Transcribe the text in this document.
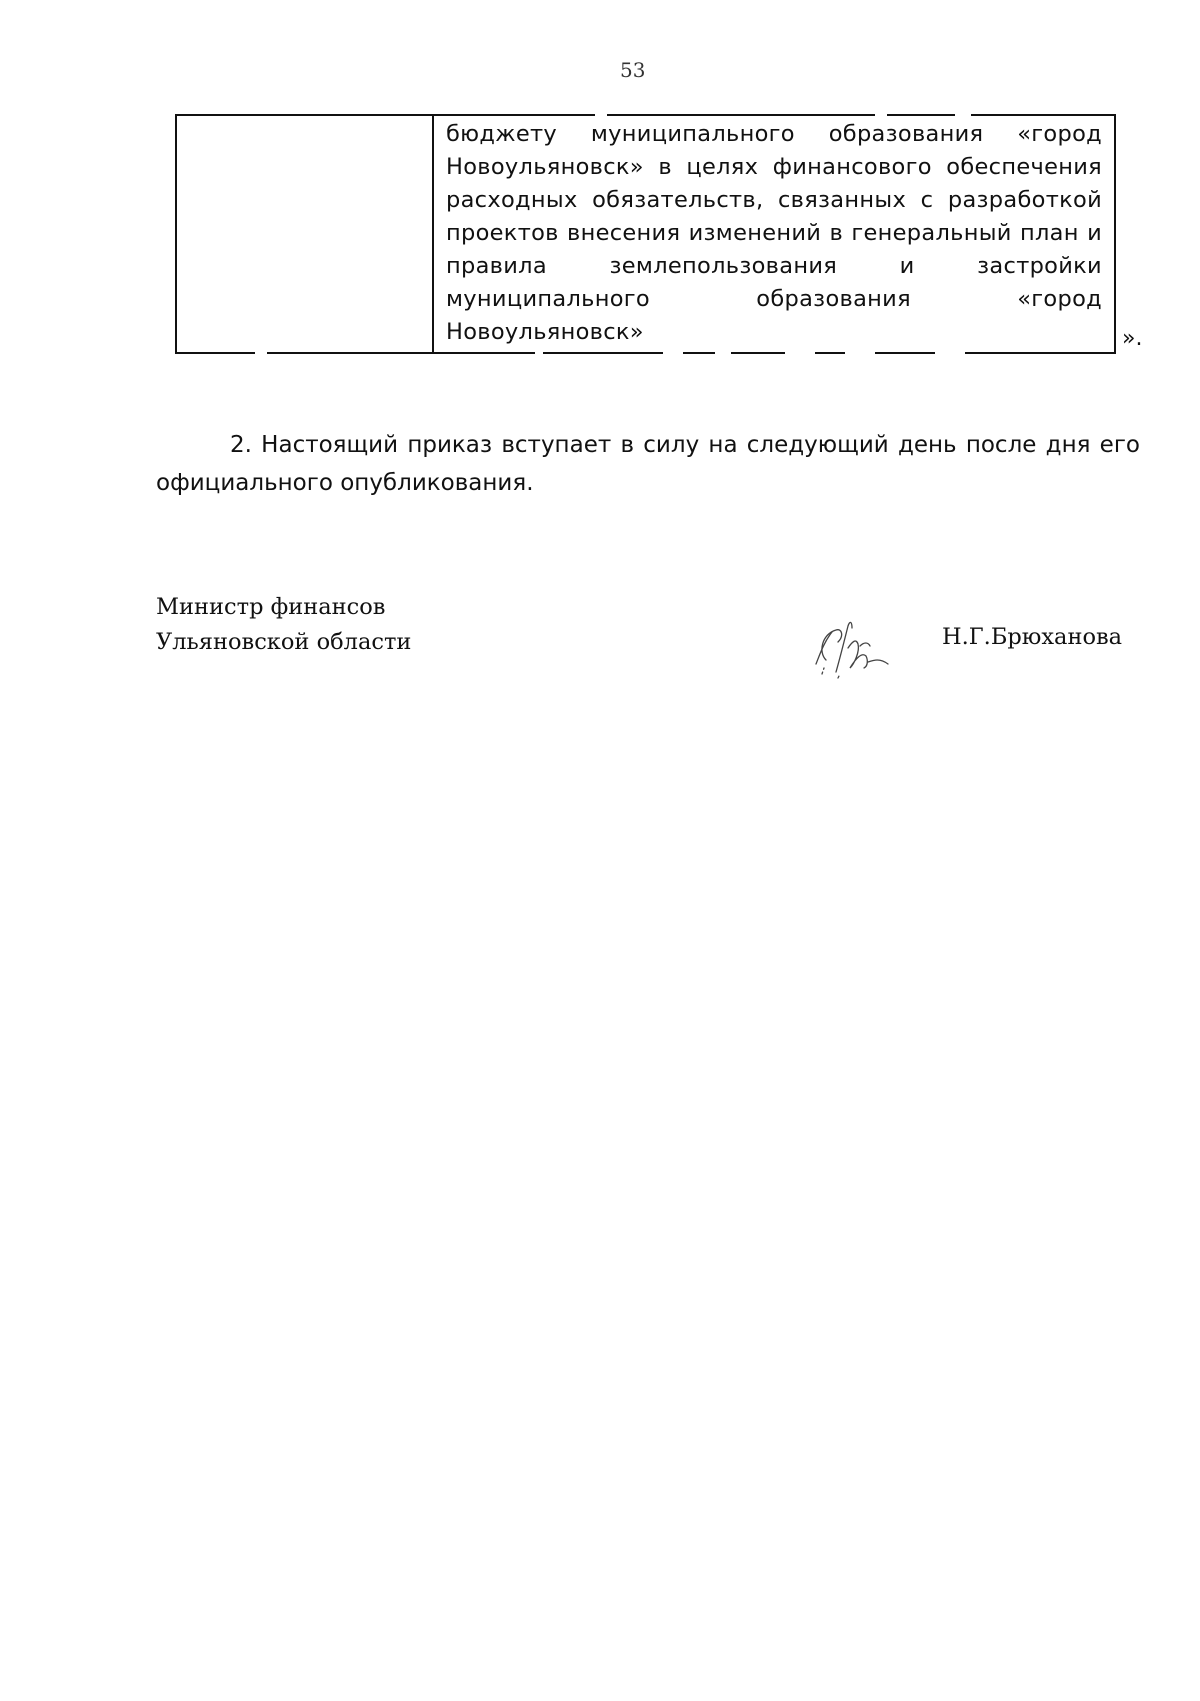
53
бюджету муниципального образования «город Новоульяновск» в целях финансового обеспечения расходных обязательств, связанных с разработкой проектов внесения изменений в генеральный план и правила землепользования и застройки муниципального образования «город Новоульяновск»	».
2. Настоящий приказ вступает в силу на следующий день после дня его официального опубликования.
Министр финансов
Ульяновской области	Н.Г.Брюханова
